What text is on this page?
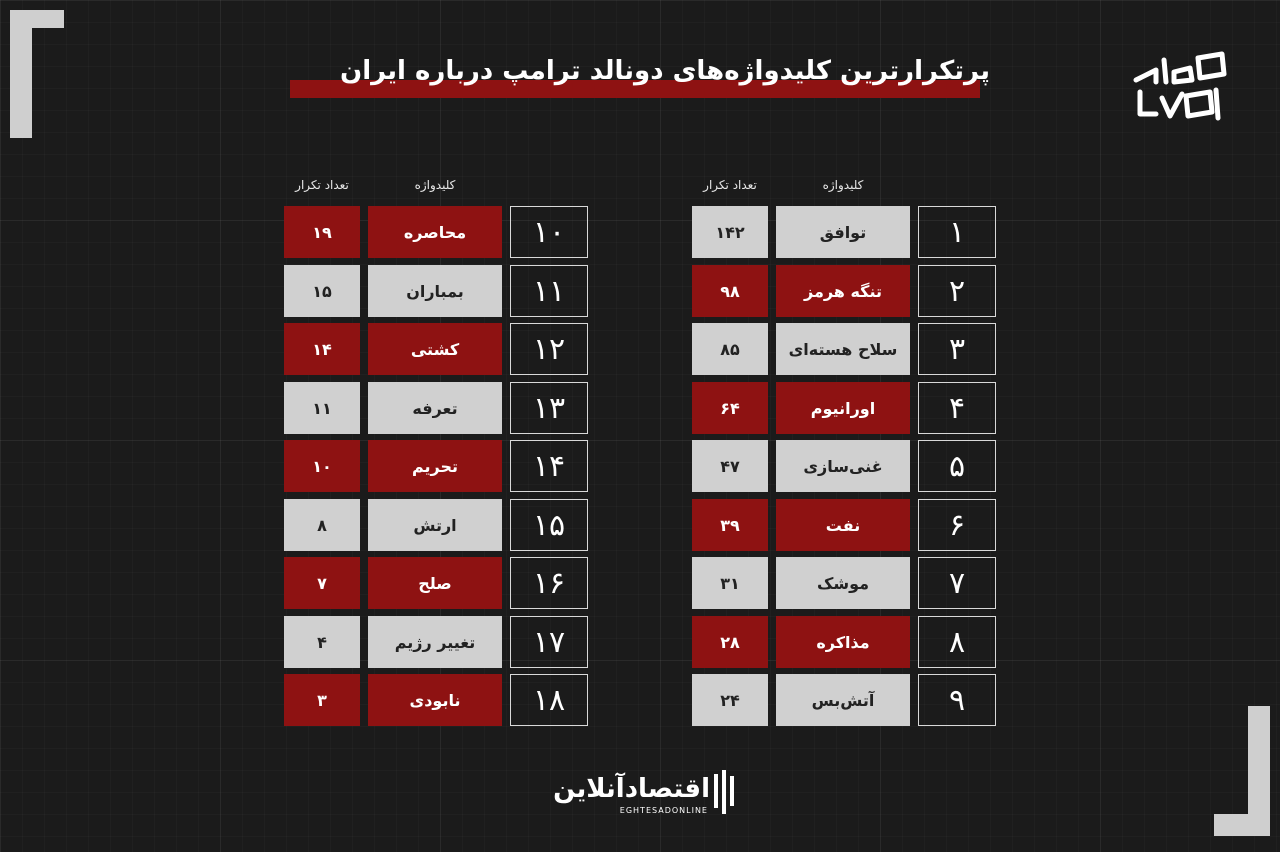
پرتکرارترین کلیدواژه‌های دونالد ترامپ درباره ایران
کلیدواژه
تعداد تکرار	کلیدواژه
تعداد تکرار
۱۴۲	توافق	۱
۹۸	تنگه هرمز	۲
۸۵	سلاح هسته‌ای	۳
۶۴	اورانیوم	۴
۴۷	غنی‌سازی	۵
۳۹	نفت	۶
۳۱	موشک	۷
۲۸	مذاکره	۸
۲۴	آتش‌بس	۹
۱۹	محاصره	۱۰
۱۵	بمباران	۱۱
۱۴	کشتی	۱۲
۱۱	تعرفه	۱۳
۱۰	تحریم	۱۴
۸	ارتش	۱۵
۷	صلح	۱۶
۴	تغییر رژیم	۱۷
۳	نابودی	۱۸
اقتصادآنلاین
EGHTESADONLINE
